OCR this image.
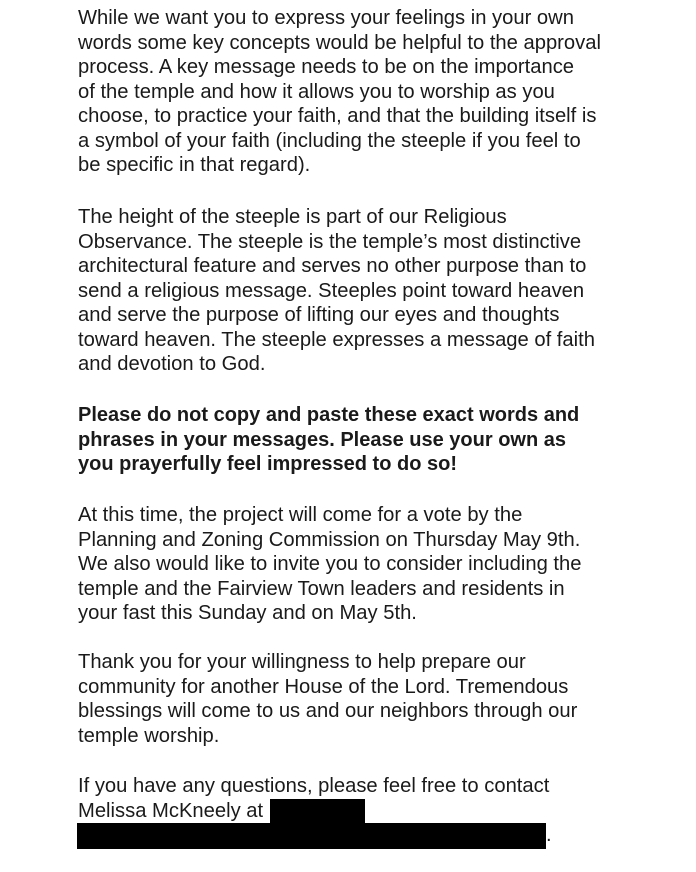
While we want you to express your feelings in your own
words some key concepts would be helpful to the approval
process. A key message needs to be on the importance
of the temple and how it allows you to worship as you
choose, to practice your faith, and that the building itself is
a symbol of your faith (including the steeple if you feel to
be specific in that regard).
The height of the steeple is part of our Religious
Observance. The steeple is the temple’s most distinctive
architectural feature and serves no other purpose than to
send a religious message. Steeples point toward heaven
and serve the purpose of lifting our eyes and thoughts
toward heaven. The steeple expresses a message of faith
and devotion to God.
Please do not copy and paste these exact words and
phrases in your messages. Please use your own as
you prayerfully feel impressed to do so!
At this time, the project will come for a vote by the
Planning and Zoning Commission on Thursday May 9th.
We also would like to invite you to consider including the
temple and the Fairview Town leaders and residents in
your fast this Sunday and on May 5th.
Thank you for your willingness to help prepare our
community for another House of the Lord. Tremendous
blessings will come to us and our neighbors through our
temple worship.
If you have any questions, please feel free to contact
Melissa McKneely at
.
